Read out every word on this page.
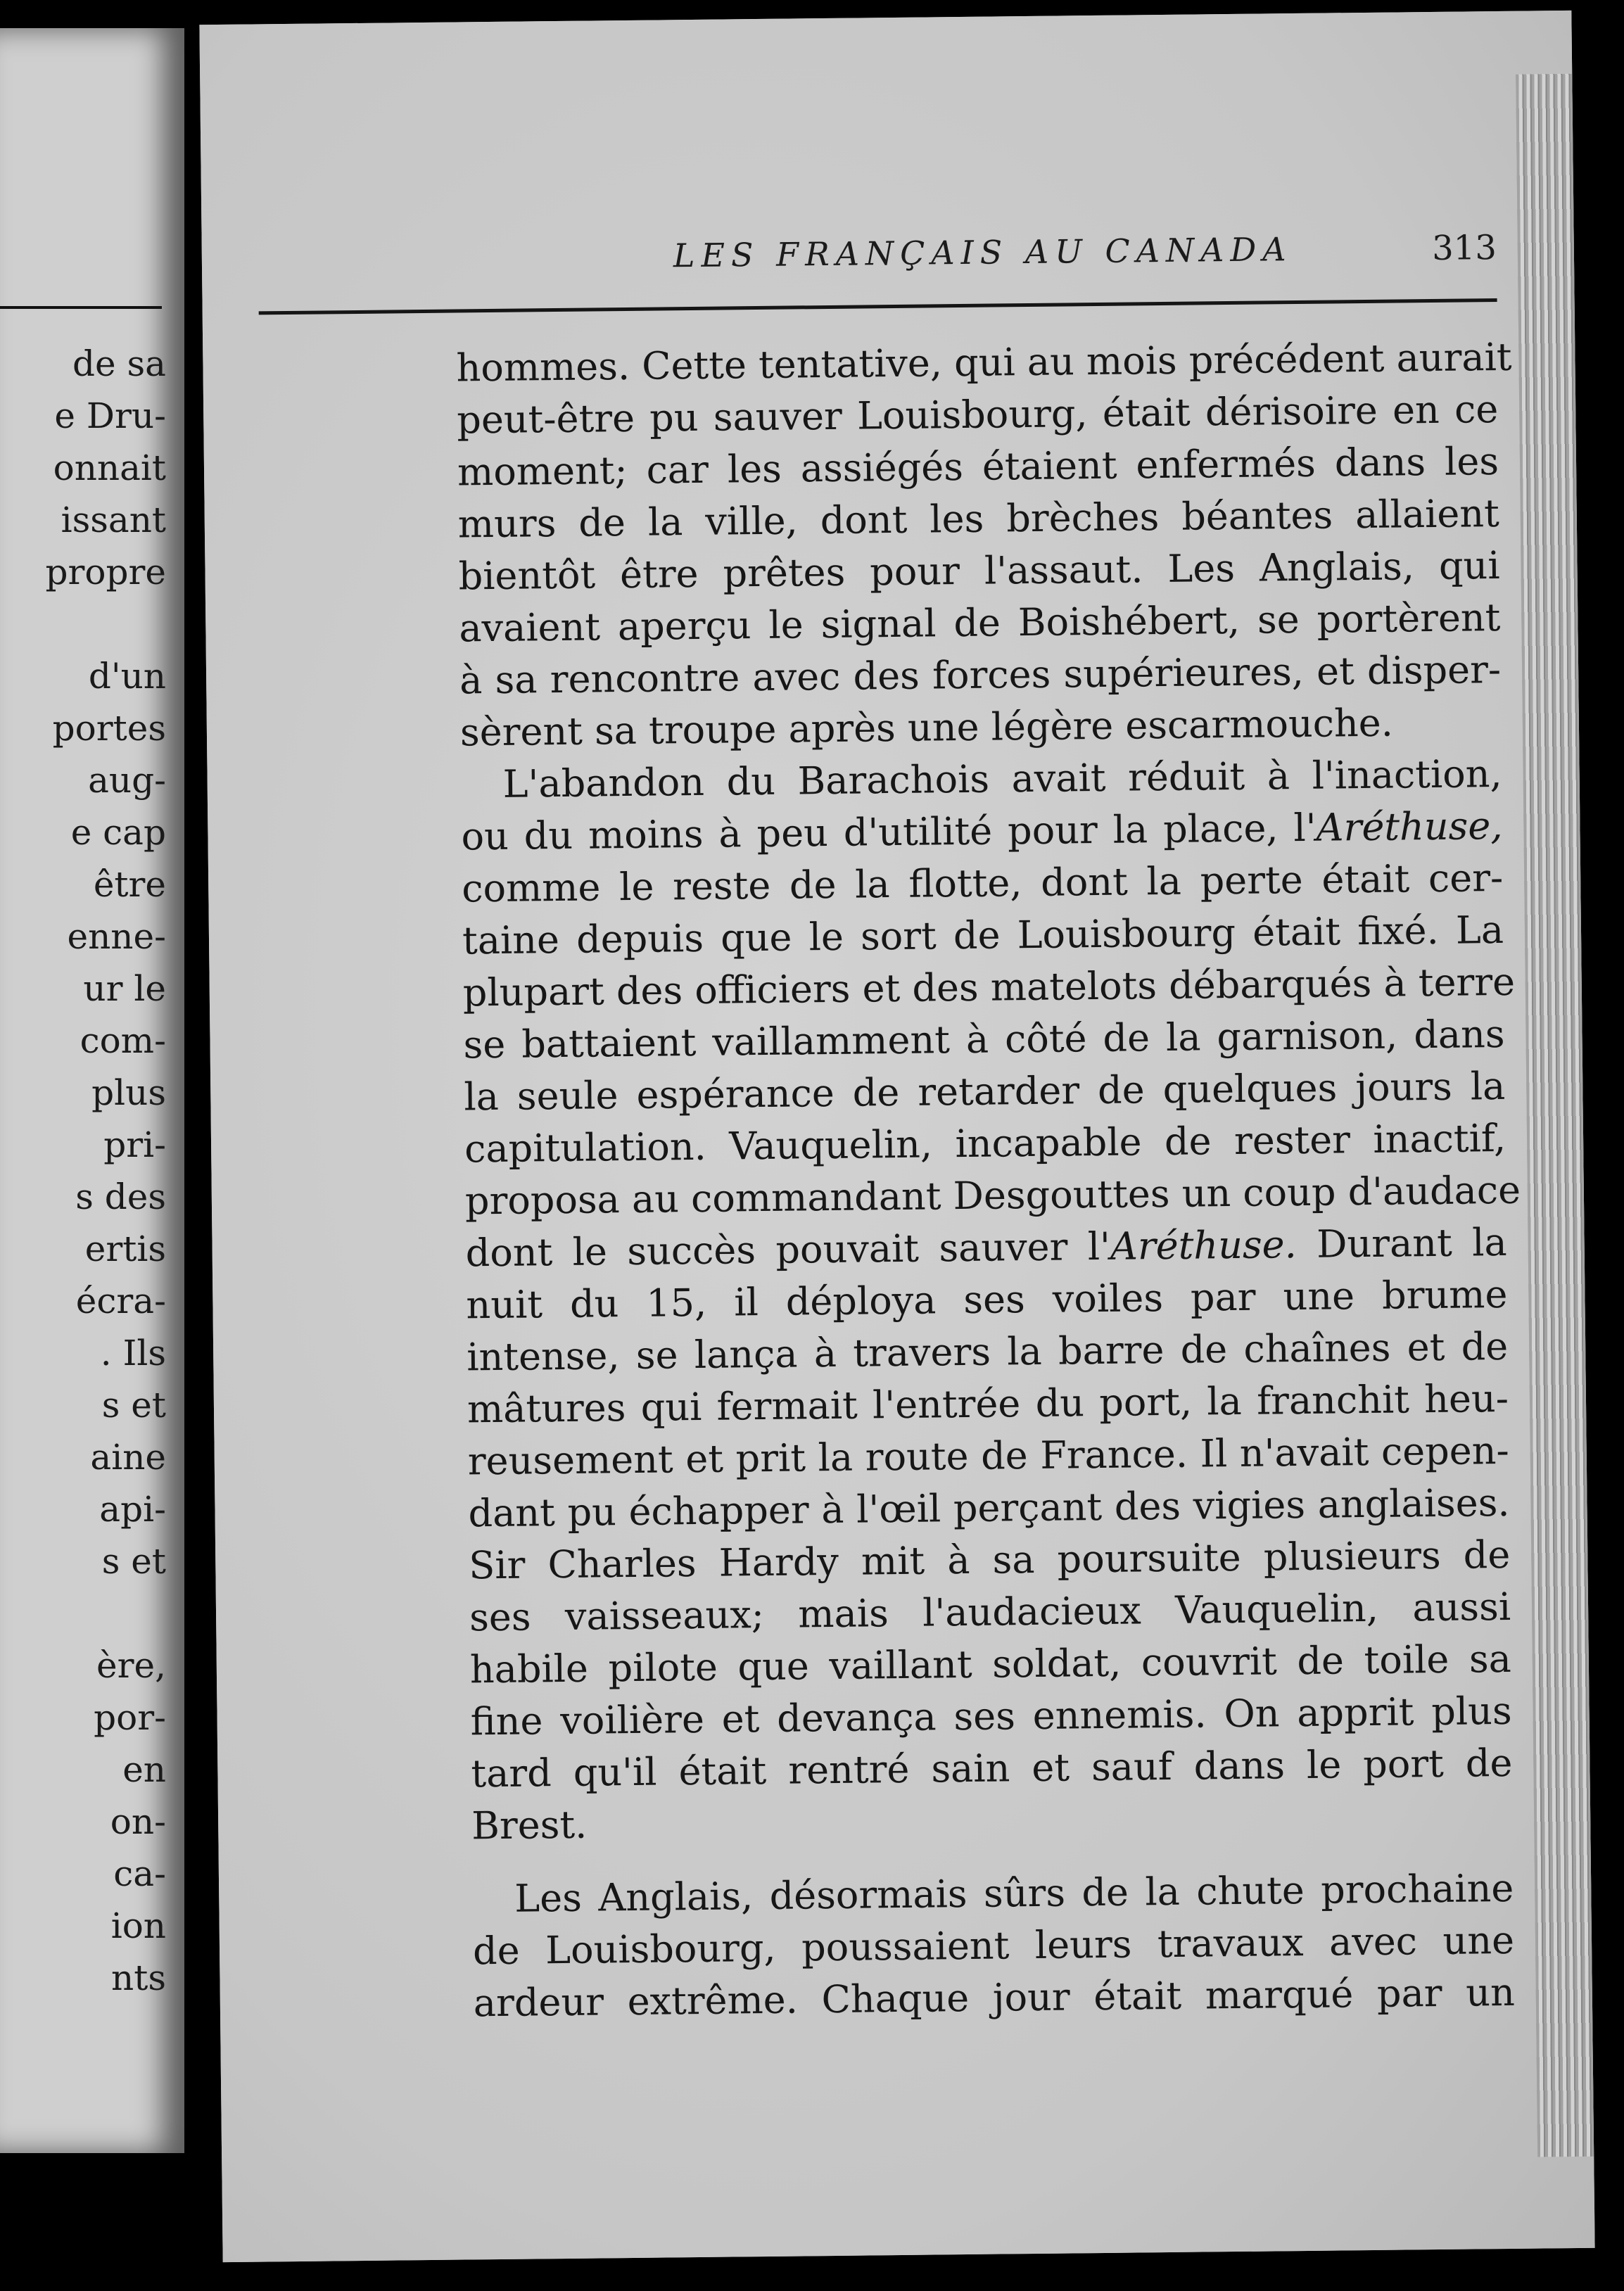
de sa
e Dru-
onnait
issant
propre
d'un
portes
aug-
e cap
être
enne-
ur le
com-
plus
pri-
s des
ertis
écra-
. Ils
s et
aine
api-
s et
ère,
por-
en
on-
ca-
ion
nts
LES FRANÇAIS AU CANADA	313
hommes. Cette tentative, qui au mois précédent aurait
peut-être pu sauver Louisbourg, était dérisoire en ce
moment; car les assiégés étaient enfermés dans les
murs de la ville, dont les brèches béantes allaient
bientôt être prêtes pour l'assaut. Les Anglais, qui
avaient aperçu le signal de Boishébert, se portèrent
à sa rencontre avec des forces supérieures, et disper-
sèrent sa troupe après une légère escarmouche.
L'abandon du Barachois avait réduit à l'inaction,
ou du moins à peu d'utilité pour la place, l'Aréthuse,
comme le reste de la flotte, dont la perte était cer-
taine depuis que le sort de Louisbourg était fixé. La
plupart des officiers et des matelots débarqués à terre
se battaient vaillamment à côté de la garnison, dans
la seule espérance de retarder de quelques jours la
capitulation. Vauquelin, incapable de rester inactif,
proposa au commandant Desgouttes un coup d'audace
dont le succès pouvait sauver l'Aréthuse. Durant la
nuit du 15, il déploya ses voiles par une brume
intense, se lança à travers la barre de chaînes et de
mâtures qui fermait l'entrée du port, la franchit heu-
reusement et prit la route de France. Il n'avait cepen-
dant pu échapper à l'œil perçant des vigies anglaises.
Sir Charles Hardy mit à sa poursuite plusieurs de
ses vaisseaux; mais l'audacieux Vauquelin, aussi
habile pilote que vaillant soldat, couvrit de toile sa
fine voilière et devança ses ennemis. On apprit plus
tard qu'il était rentré sain et sauf dans le port de
Brest.
Les Anglais, désormais sûrs de la chute prochaine
de Louisbourg, poussaient leurs travaux avec une
ardeur extrême. Chaque jour était marqué par un
